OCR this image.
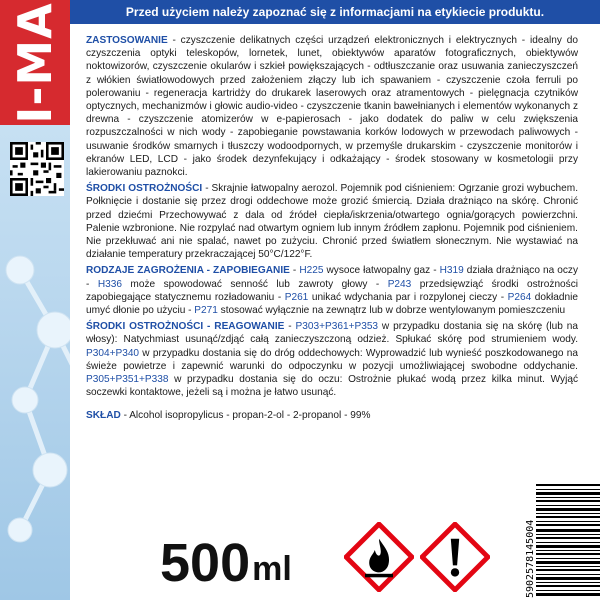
I-MA	Przed użyciem należy zapoznać się z informacjami na etykiecie produktu.

ZASTOSOWANIE - czyszczenie delikatnych części urządzeń elektronicznych i elektrycznych - idealny do czyszczenia optyki teleskopów, lornetek, lunet, obiektywów aparatów fotograficznych, obiektywów noktowizorów, czyszczenie okularów i szkieł powiększających - odtłuszczanie oraz usuwania zanieczyszczeń z włókien światłowodowych przed założeniem złączy lub ich spawaniem - czyszczenie czoła ferruli po polerowaniu - regeneracja kartridży do drukarek laserowych oraz atramentowych - pielęgnacja czytników optycznych, mechanizmów i głowic audio-video - czyszczenie tkanin bawełnianych i elementów wykonanych z drewna - czyszczenie atomizerów w e-papierosach - jako dodatek do paliw w celu zwiększenia rozpuszczalności w nich wody - zapobieganie powstawania korków lodowych w przewodach paliwowych - usuwanie środków smarnych i tłuszczy wodoodpornych, w przemyśle drukarskim - czyszczenie monitorów i ekranów LED, LCD - jako środek dezynfekujący i odkażający - środek stosowany w kosmetologii przy lakierowaniu paznokci.

ŚRODKI OSTROŻNOŚCI - Skrajnie łatwopalny aerozol. Pojemnik pod ciśnieniem: Ogrzanie grozi wybuchem. Połknięcie i dostanie się przez drogi oddechowe może grozić śmiercią. Działa drażniąco na skórę. Chronić przed dziećmi Przechowywać z dala od źródeł ciepła/iskrzenia/otwartego ognia/gorących powierzchni. Palenie wzbronione. Nie rozpylać nad otwartym ogniem lub innym źródłem zapłonu. Pojemnik pod ciśnieniem. Nie przekłuwać ani nie spalać, nawet po zużyciu. Chronić przed światłem słonecznym. Nie wystawiać na działanie temperatury przekraczającej 50°C/122°F.

RODZAJE ZAGROŻENIA - ZAPOBIEGANIE - H225 wysoce łatwopalny gaz - H319 działa drażniąco na oczy - H336 może spowodować senność lub zawroty głowy - P243 przedsięwziąć środki ostrożności zapobiegające statycznemu rozładowaniu - P261 unikać wdychania par i rozpylonej cieczy - P264 dokładnie umyć dłonie po użyciu - P271 stosować wyłącznie na zewnątrz lub w dobrze wentylowanym pomieszczeniu

ŚRODKI OSTROŻNOŚCI - REAGOWANIE - P303+P361+P353 w przypadku dostania się na skórę (lub na włosy): Natychmiast usunąć/zdjąć całą zanieczyszczoną odzież. Spłukać skórę pod strumieniem wody. P304+P340 w przypadku dostania się do dróg oddechowych: Wyprowadzić lub wynieść poszkodowanego na świeże powietrze i zapewnić warunki do odpoczynku w pozycji umożliwiającej swobodne oddychanie. P305+P351+P338 w przypadku dostania się do oczu: Ostrożnie płukać wodą przez kilka minut. Wyjąć soczewki kontaktowe, jeżeli są i można je łatwo usunąć.

SKŁAD - Alcohol isopropylicus - propan-2-ol - 2-propanol - 99%

500 ml	5902578145004
